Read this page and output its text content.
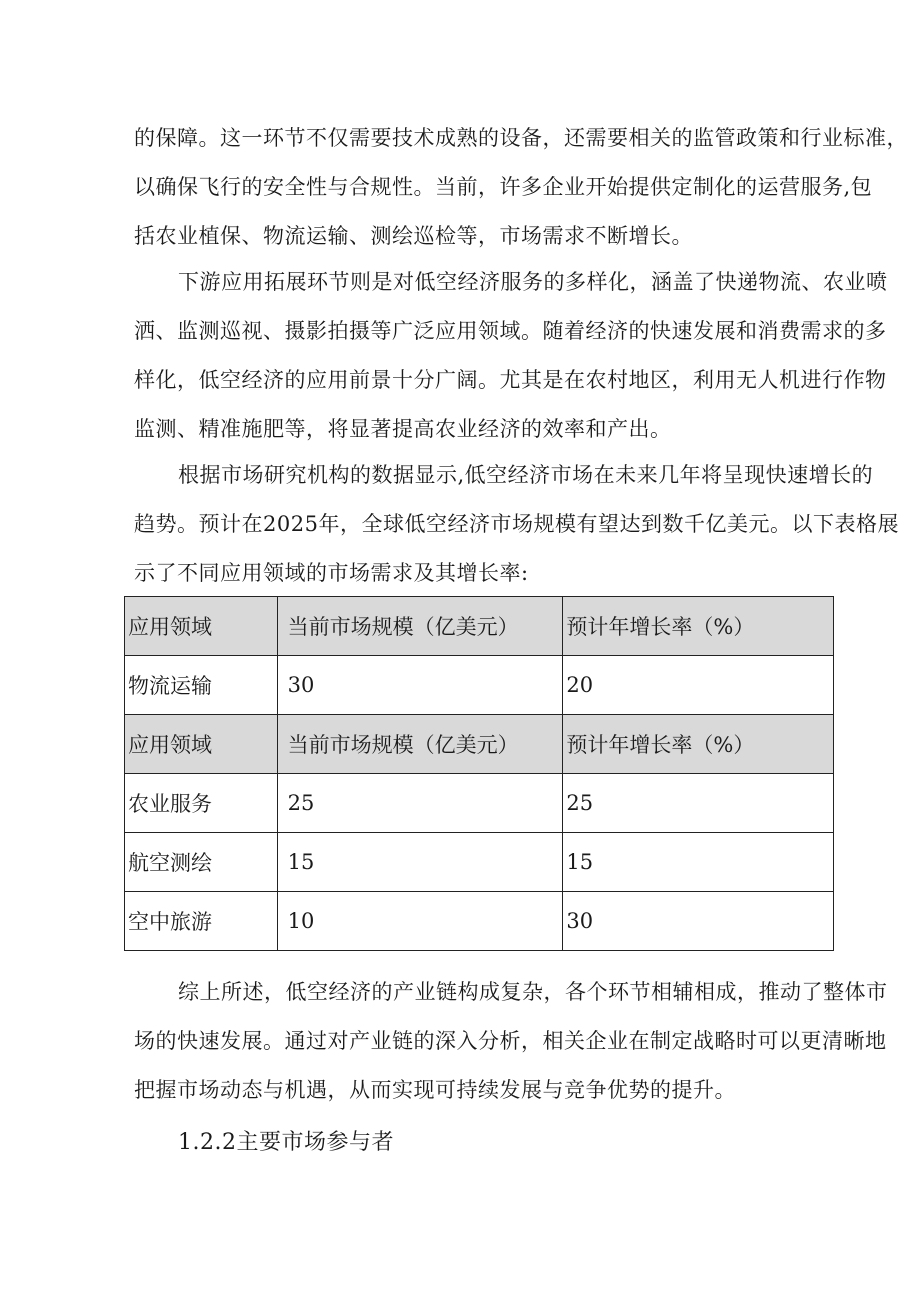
的保障。这一环节不仅需要技术成熟的设备，还需要相关的监管政策和行业标准，
以确保飞行的安全性与合规性。当前，许多企业开始提供定制化的运营服务,包
括农业植保、物流运输、测绘巡检等，市场需求不断增长。

下游应用拓展环节则是对低空经济服务的多样化，涵盖了快递物流、农业喷
洒、监测巡视、摄影拍摄等广泛应用领域。随着经济的快速发展和消费需求的多
样化，低空经济的应用前景十分广阔。尤其是在农村地区，利用无人机进行作物
监测、精准施肥等，将显著提高农业经济的效率和产出。

根据市场研究机构的数据显示,低空经济市场在未来几年将呈现快速增长的
趋势。预计在2025年，全球低空经济市场规模有望达到数千亿美元。以下表格展
示了不同应用领域的市场需求及其增长率:

应用领域	当前市场规模（亿美元）	预计年增长率（%）
物流运输	30	20
应用领域	当前市场规模（亿美元）	预计年增长率（%）
农业服务	25	25
航空测绘	15	15
空中旅游	10	30

综上所述，低空经济的产业链构成复杂，各个环节相辅相成，推动了整体市
场的快速发展。通过对产业链的深入分析，相关企业在制定战略时可以更清晰地
把握市场动态与机遇，从而实现可持续发展与竞争优势的提升。

1.2.2主要市场参与者
